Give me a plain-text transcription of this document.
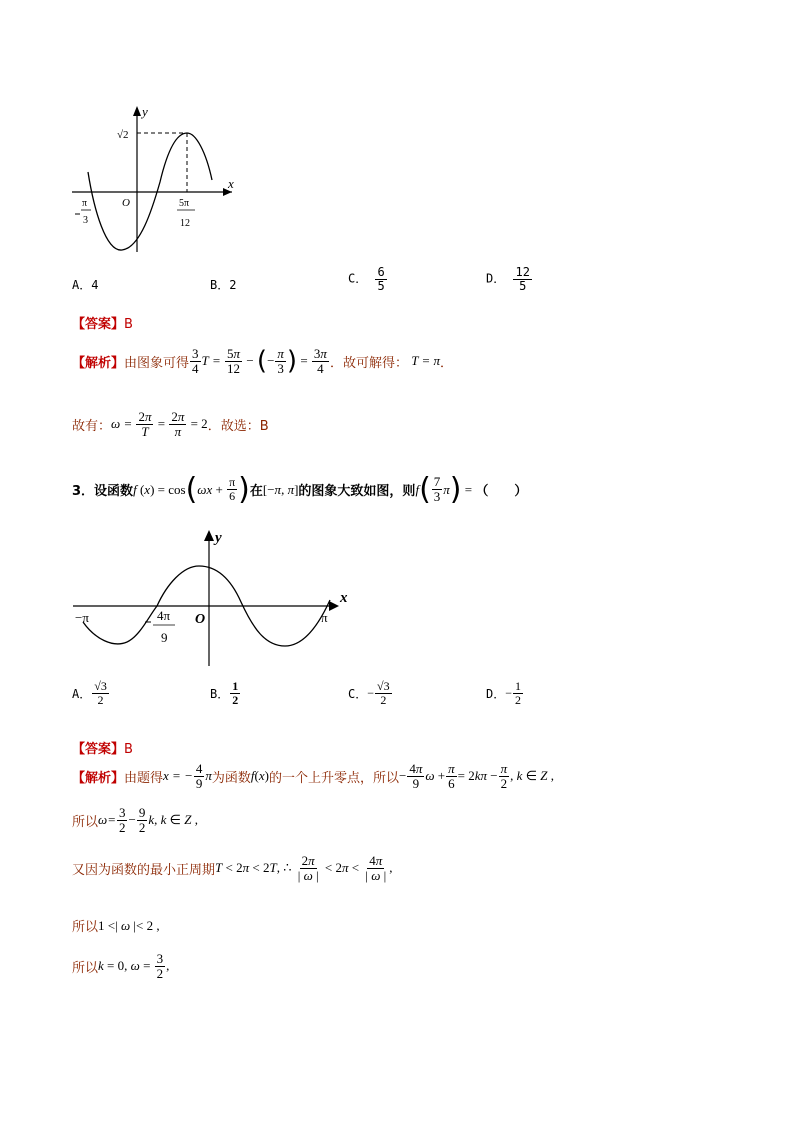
y
x
O
√2
π
3
5π
12
A．4	B．2	C． $\frac{6}{5}$	D． $\frac{12}{5}$
【答案】B
【解析】 由图象可得 $\frac{3}{4}$ $T = \frac{5\pi}{12}$ − ( − $\frac{\pi}{3}$ ) = $\frac{3\pi}{4}$ ．故可解得： T = π ．
故有： $\omega = \frac{2\pi}{T} = \frac{2\pi}{\pi} = 2$ ．故选：B
3． 设函数 f (x) = cos ( $\omega x + \frac{\pi}{6}$ ) 在 [−π, π] 的图象大致如图，则 f ( $\frac{7}{3}$ π ) = （　　）
y
x
O
−π	π
4π
9
A． $\frac{√3}{2}$	B． $\frac{1}{2}$	C． − $\frac{√3}{2}$	D． − $\frac{1}{2}$
【答案】B
【解析】 由题得 x = − $\frac{4}{9}$ π 为函数 f(x) 的一个上升零点，所以 − $\frac{4\pi}{9}$ $\omega + \frac{\pi}{6} = 2k\pi - \frac{\pi}{2}$ , k ∈ Z ,
所以 $\omega= \frac{3}{2} - \frac{9}{2} k$, k ∈ Z ,
又因为函数的最小正周期 T < 2π < 2T, ∴ $\frac{2\pi}{| \omega |} < 2\pi < \frac{4\pi}{| \omega |}$ ,
所以 1 <| ω |< 2 ,
所以 k = 0, $\omega = \frac{3}{2}$ ,
